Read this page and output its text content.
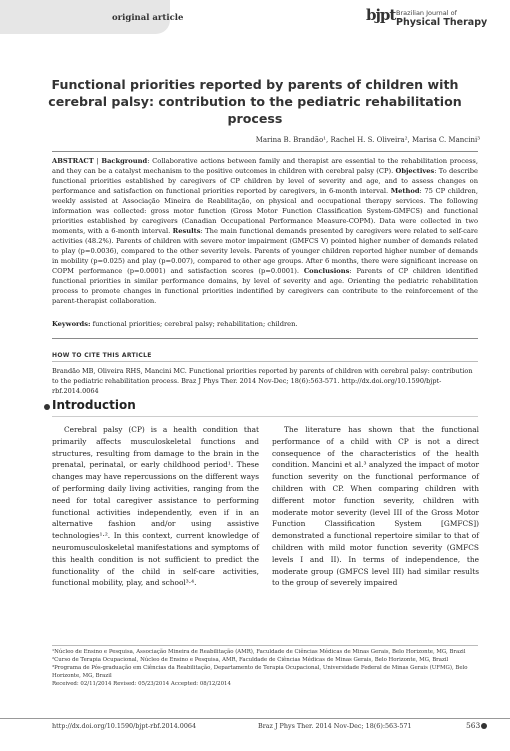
original article	bjpt Brazilian Journal of
Physical Therapy
Functional priorities reported by parents of children with cerebral palsy: contribution to the pediatric rehabilitation process
Marina B. Brandão¹, Rachel H. S. Oliveira², Marisa C. Mancini³
ABSTRACT | Background: Collaborative actions between family and therapist are essential to the rehabilitation process, and they can be a catalyst mechanism to the positive outcomes in children with cerebral palsy (CP). Objectives: To describe functional priorities established by caregivers of CP children by level of severity and age, and to assess changes on performance and satisfaction on functional priorities reported by caregivers, in 6-month interval. Method: 75 CP children, weekly assisted at Associação Mineira de Reabilitação, on physical and occupational therapy services. The following information was collected: gross motor function (Gross Motor Function Classification System-GMFCS) and functional priorities established by caregivers (Canadian Occupational Performance Measure-COPM). Data were collected in two moments, with a 6-month interval. Results: The main functional demands presented by caregivers were related to self-care activities (48.2%). Parents of children with severe motor impairment (GMFCS V) pointed higher number of demands related to play (p=0.0036), compared to the other severity levels. Parents of younger children reported higher number of demands in mobility (p=0.025) and play (p=0.007), compared to other age groups. After 6 months, there were significant increase on COPM performance (p=0.0001) and satisfaction scores (p=0.0001). Conclusions: Parents of CP children identified functional priorities in similar performance domains, by level of severity and age. Orienting the pediatric rehabilitation process to promote changes in functional priorities indentified by caregivers can contribute to the reinforcement of the parent-therapist collaboration.
Keywords: functional priorities; cerebral palsy; rehabilitation; children.
HOW TO CITE THIS ARTICLE
Brandão MB, Oliveira RHS, Mancini MC. Functional priorities reported by parents of children with cerebral palsy: contribution to the pediatric rehabilitation process. Braz J Phys Ther. 2014 Nov-Dec; 18(6):563-571. http://dx.doi.org/10.1590/bjpt-rbf.2014.0064
Introduction

Cerebral palsy (CP) is a health condition that primarily affects musculoskeletal functions and structures, resulting from damage to the brain in the prenatal, perinatal, or early childhood period¹. These changes may have repercussions on the different ways of performing daily living activities, ranging from the need for total caregiver assistance to performing functional activities independently, even if in an alternative fashion and/or using assistive technologies¹·². In this context, current knowledge of neuromusculoskeletal manifestations and symptoms of this health condition is not sufficient to predict the functionality of the child in self-care activities, functional mobility, play, and school³·⁴.

The literature has shown that the functional performance of a child with CP is not a direct consequence of the characteristics of the health condition. Mancini et al.³ analyzed the impact of motor function severity on the functional performance of children with CP. When comparing children with different motor function severity, children with moderate motor severity (level III of the Gross Motor Function Classification System [GMFCS]) demonstrated a functional repertoire similar to that of children with mild motor function severity (GMFCS levels I and II). In terms of independence, the moderate group (GMFCS level III) had similar results to the group of severely impaired

¹Núcleo de Ensino e Pesquisa, Associação Mineira de Reabilitação (AMR), Faculdade de Ciências Médicas de Minas Gerais, Belo Horizonte, MG, Brazil
²Curso de Terapia Ocupacional, Núcleo de Ensino e Pesquisa, AMR, Faculdade de Ciências Médicas de Minas Gerais, Belo Horizonte, MG, Brazil
³Programa de Pós-graduação em Ciências da Reabilitação, Departamento de Terapia Ocupacional, Universidade Federal de Minas Gerais (UFMG), Belo Horizonte, MG, Brazil
Received: 02/11/2014 Revised: 05/23/2014 Accepted: 08/12/2014
http://dx.doi.org/10.1590/bjpt-rbf.2014.0064	Braz J Phys Ther. 2014 Nov-Dec; 18(6):563-571	563
